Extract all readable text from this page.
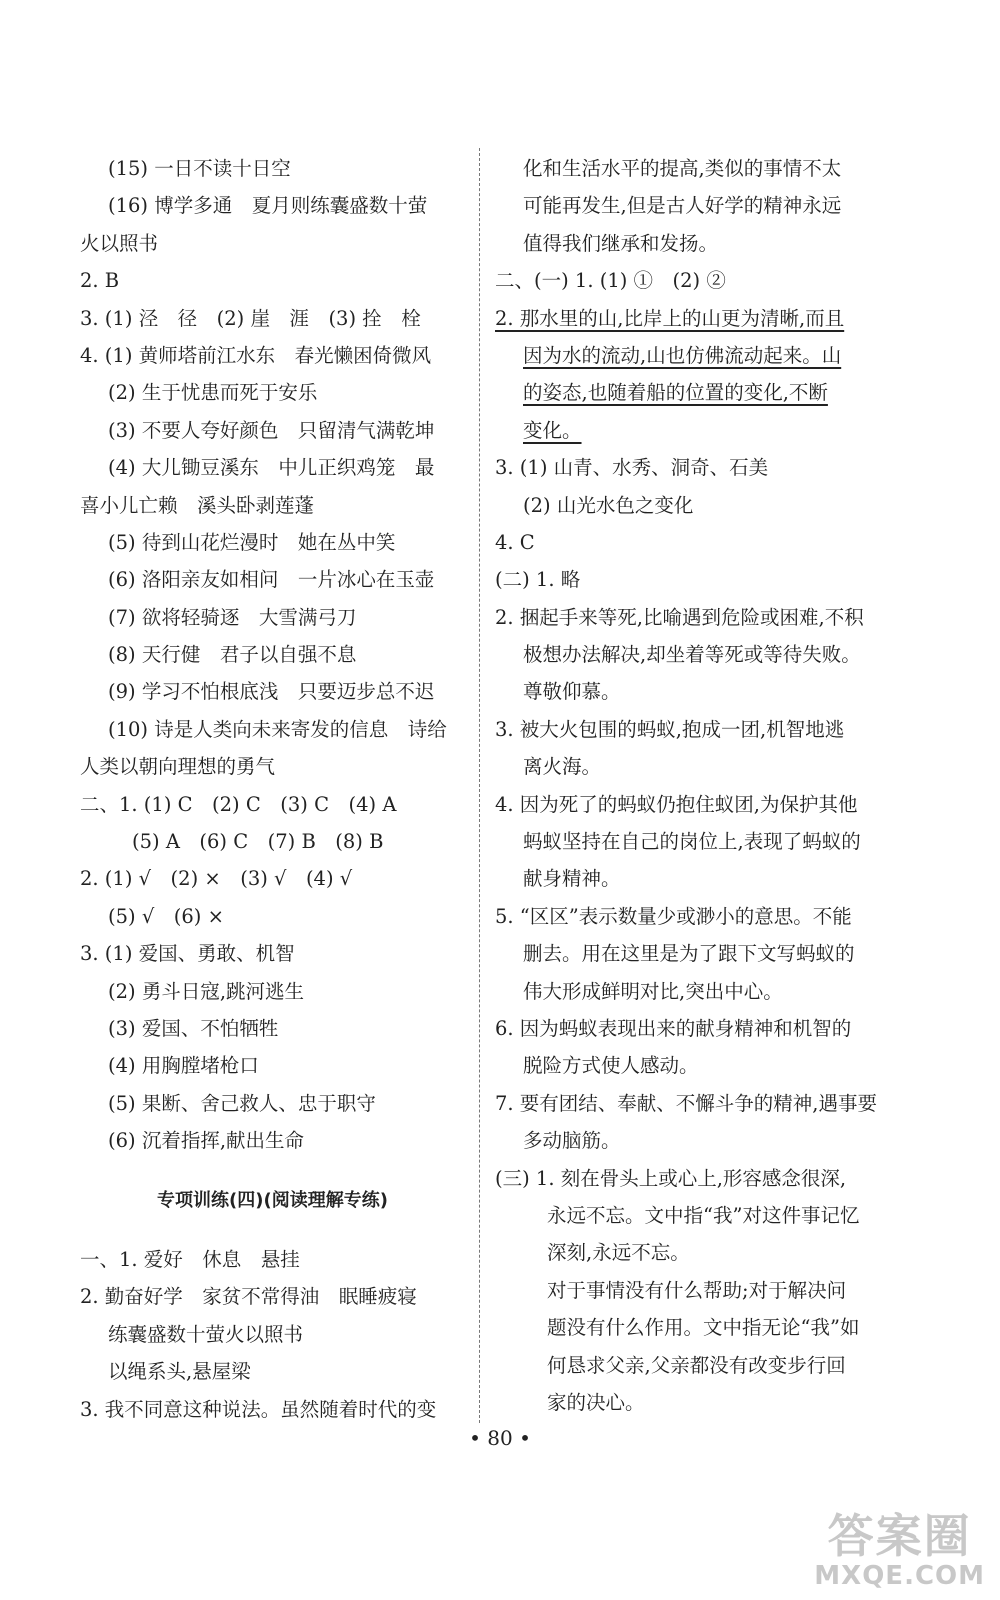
(15) 一日不读十日空
(16) 博学多通　夏月则练囊盛数十萤
火以照书
2. B
3. (1) 泾　径　(2) 崖　涯　(3) 拴　栓
4. (1) 黄师塔前江水东　春光懒困倚微风
(2) 生于忧患而死于安乐
(3) 不要人夸好颜色　只留清气满乾坤
(4) 大儿锄豆溪东　中儿正织鸡笼　最
喜小儿亡赖　溪头卧剥莲蓬
(5) 待到山花烂漫时　她在丛中笑
(6) 洛阳亲友如相问　一片冰心在玉壶
(7) 欲将轻骑逐　大雪满弓刀
(8) 天行健　君子以自强不息
(9) 学习不怕根底浅　只要迈步总不迟
(10) 诗是人类向未来寄发的信息　诗给
人类以朝向理想的勇气
二、1. (1) C　(2) C　(3) C　(4) A
(5) A　(6) C　(7) B　(8) B
2. (1) √　(2) ×　(3) √　(4) √
(5) √　(6) ×
3. (1) 爱国、勇敢、机智
(2) 勇斗日寇,跳河逃生
(3) 爱国、不怕牺牲
(4) 用胸膛堵枪口
(5) 果断、舍己救人、忠于职守
(6) 沉着指挥,献出生命
专项训练(四)(阅读理解专练)
一、1. 爱好　休息　悬挂
2. 勤奋好学　家贫不常得油　眠睡疲寝
练囊盛数十萤火以照书
以绳系头,悬屋梁
3. 我不同意这种说法。虽然随着时代的变
化和生活水平的提高,类似的事情不太
可能再发生,但是古人好学的精神永远
值得我们继承和发扬。
二、(一) 1. (1) ①　(2) ②
2. 那水里的山,比岸上的山更为清晰,而且
因为水的流动,山也仿佛流动起来。山
的姿态,也随着船的位置的变化,不断
变化。
3. (1) 山青、水秀、洞奇、石美
(2) 山光水色之变化
4. C
(二) 1. 略
2. 捆起手来等死,比喻遇到危险或困难,不积
极想办法解决,却坐着等死或等待失败。
尊敬仰慕。
3. 被大火包围的蚂蚁,抱成一团,机智地逃
离火海。
4. 因为死了的蚂蚁仍抱住蚁团,为保护其他
蚂蚁坚持在自己的岗位上,表现了蚂蚁的
献身精神。
5. “区区”表示数量少或渺小的意思。不能
删去。用在这里是为了跟下文写蚂蚁的
伟大形成鲜明对比,突出中心。
6. 因为蚂蚁表现出来的献身精神和机智的
脱险方式使人感动。
7. 要有团结、奉献、不懈斗争的精神,遇事要
多动脑筋。
(三) 1. 刻在骨头上或心上,形容感念很深,
永远不忘。文中指“我”对这件事记忆
深刻,永远不忘。
对于事情没有什么帮助;对于解决问
题没有什么作用。文中指无论“我”如
何恳求父亲,父亲都没有改变步行回
家的决心。
• 80 •
答案圈
MXQE.COM
